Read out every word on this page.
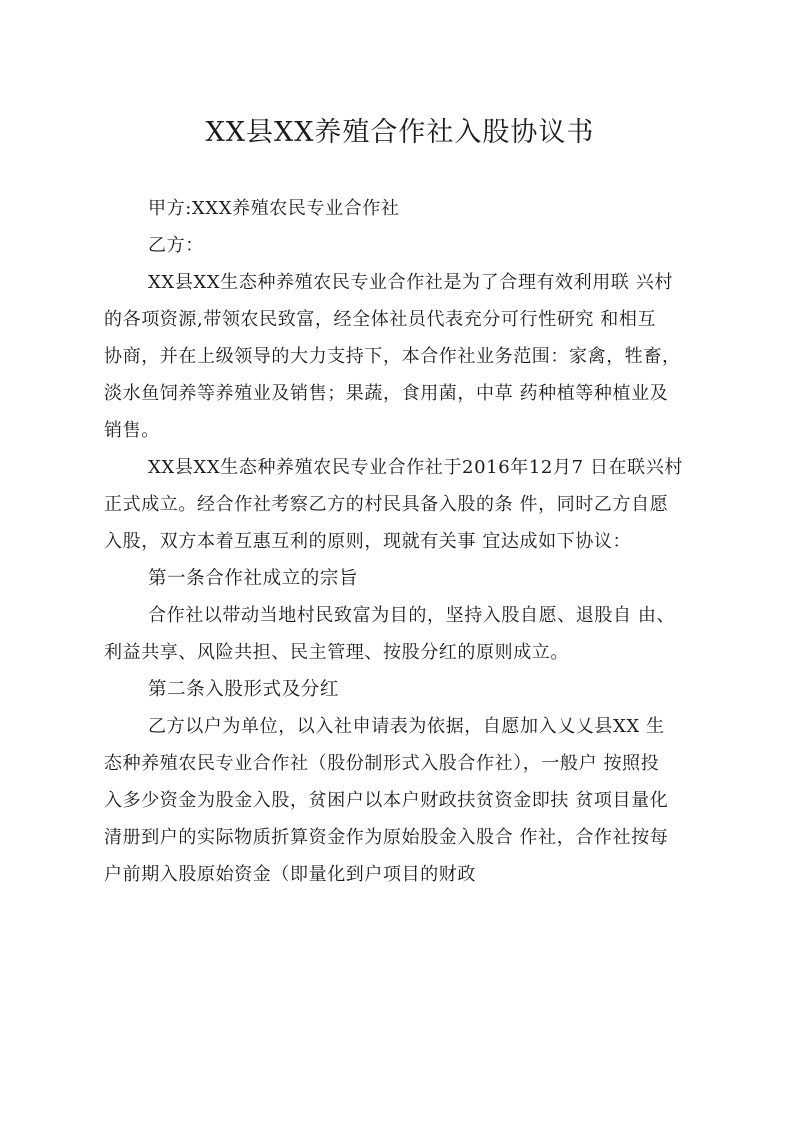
XX县XX养殖合作社入股协议书
甲方:XXX养殖农民专业合作社
乙方：
XX县XX生态种养殖农民专业合作社是为了合理有效利用联 兴村
的各项资源,带领农民致富，经全体社员代表充分可行性研究 和相互
协商，并在上级领导的大力支持下，本合作社业务范围：家禽，牲畜，
淡水鱼饲养等养殖业及销售；果蔬，食用菌，中草 药种植等种植业及
销售。
XX县XX生态种养殖农民专业合作社于2016年12月7 日在联兴村
正式成立。经合作社考察乙方的村民具备入股的条 件，同时乙方自愿
入股，双方本着互惠互利的原则，现就有关事 宜达成如下协议：
第一条合作社成立的宗旨
合作社以带动当地村民致富为目的，坚持入股自愿、退股自 由、
利益共享、风险共担、民主管理、按股分红的原则成立。
第二条入股形式及分红
乙方以户为单位，以入社申请表为依据，自愿加入乂乂县XX 生
态种养殖农民专业合作社（股份制形式入股合作社），一般户 按照投
入多少资金为股金入股，贫困户以本户财政扶贫资金即扶 贫项目量化
清册到户的实际物质折算资金作为原始股金入股合 作社，合作社按每
户前期入股原始资金（即量化到户项目的财政
